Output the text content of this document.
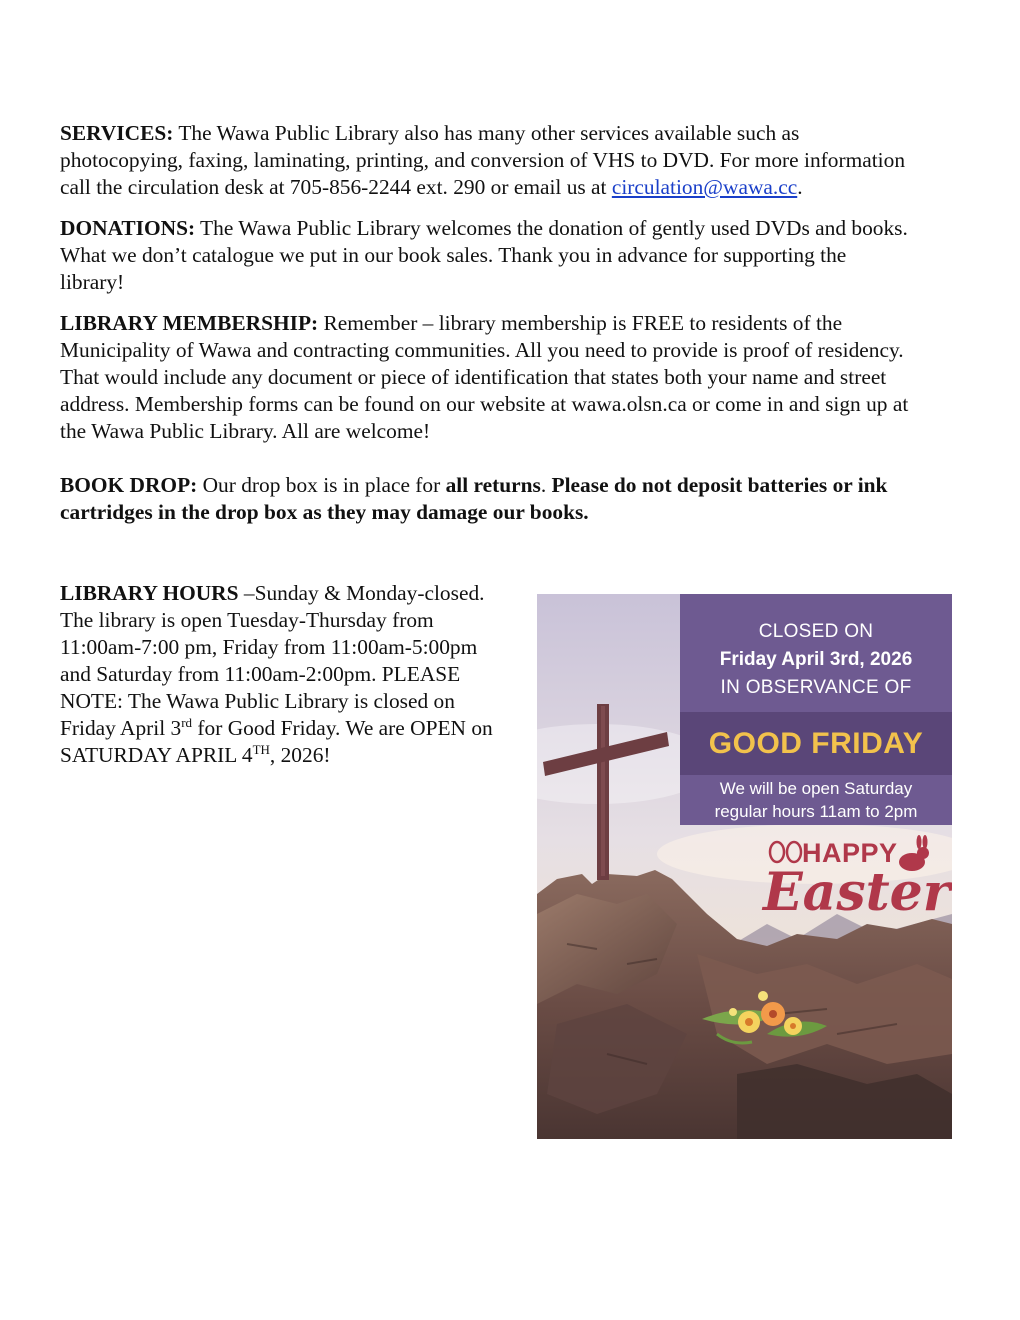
SERVICES: The Wawa Public Library also has many other services available such as photocopying, faxing, laminating, printing, and conversion of VHS to DVD. For more information call the circulation desk at 705-856-2244 ext. 290 or email us at circulation@wawa.cc.

DONATIONS: The Wawa Public Library welcomes the donation of gently used DVDs and books. What we don’t catalogue we put in our book sales. Thank you in advance for supporting the library!

LIBRARY MEMBERSHIP: Remember – library membership is FREE to residents of the Municipality of Wawa and contracting communities. All you need to provide is proof of residency. That would include any document or piece of identification that states both your name and street address. Membership forms can be found on our website at wawa.olsn.ca or come in and sign up at the Wawa Public Library. All are welcome!

BOOK DROP: Our drop box is in place for all returns. Please do not deposit batteries or ink cartridges in the drop box as they may damage our books.

LIBRARY HOURS –Sunday & Monday-closed. The library is open Tuesday-Thursday from 11:00am-7:00 pm, Friday from 11:00am-5:00pm and Saturday from 11:00am-2:00pm. PLEASE NOTE: The Wawa Public Library is closed on Friday April 3rd for Good Friday. We are OPEN on SATURDAY APRIL 4TH, 2026!

CLOSED ON
Friday April 3rd, 2026
IN OBSERVANCE OF
GOOD FRIDAY
We will be open Saturday
regular hours 11am to 2pm
HAPPY
Easter
